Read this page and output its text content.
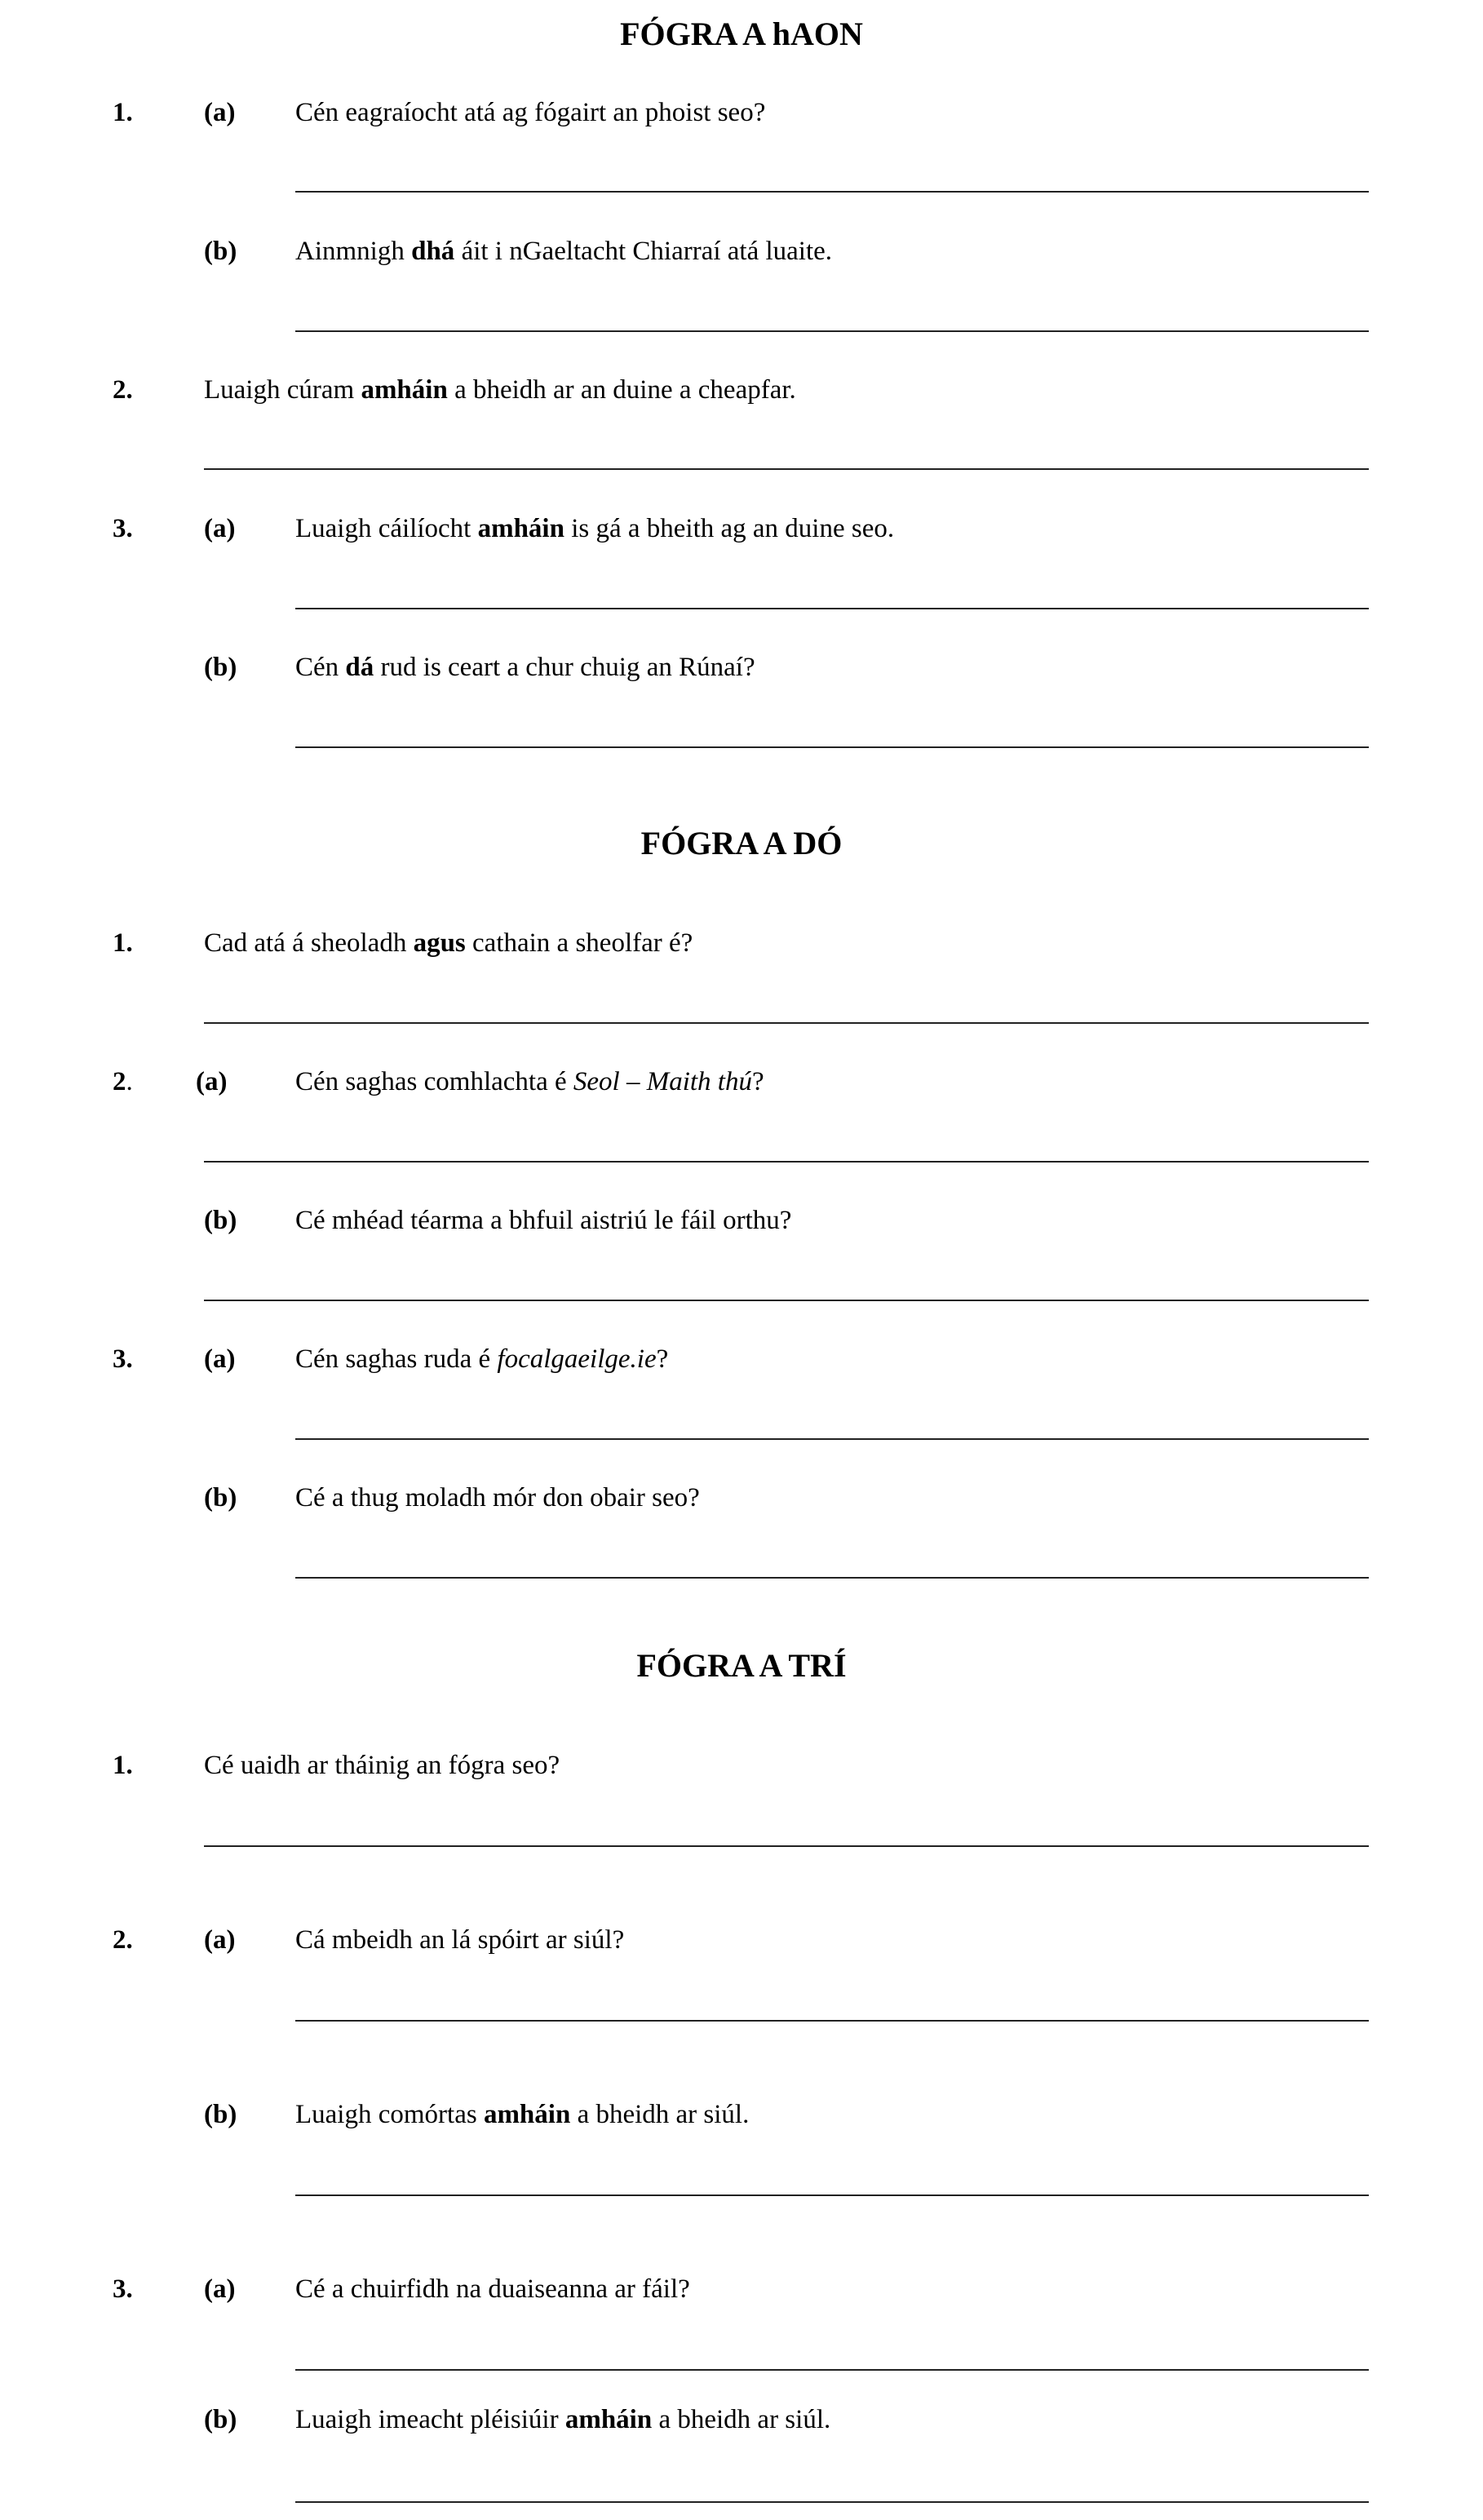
FÓGRA A hAON
1.	(a) Cén eagraíocht atá ag fógairt an phoist seo?
(b) Ainmnigh dhá áit i nGaeltacht Chiarraí atá luaite.
2.	Luaigh cúram amháin a bheidh ar an duine a cheapfar.
3.	(a) Luaigh cáilíocht amháin is gá a bheith ag an duine seo.
(b) Cén dá rud is ceart a chur chuig an Rúnaí?
FÓGRA A DÓ
1.	Cad atá á sheoladh agus cathain a sheolfar é?
2. (a)	Cén saghas comhlachta é Seol – Maith thú?
(b) Cé mhéad téarma a bhfuil aistriú le fáil orthu?
3.	(a) Cén saghas ruda é focalgaeilge.ie?
(b) Cé a thug moladh mór don obair seo?
FÓGRA A TRÍ
1.	Cé uaidh ar tháinig an fógra seo?
2.	(a) Cá mbeidh an lá spóirt ar siúl?
(b) Luaigh comórtas amháin a bheidh ar siúl.
3.	(a) Cé a chuirfidh na duaiseanna ar fáil?
(b) Luaigh imeacht pléisiúir amháin a bheidh ar siúl.
